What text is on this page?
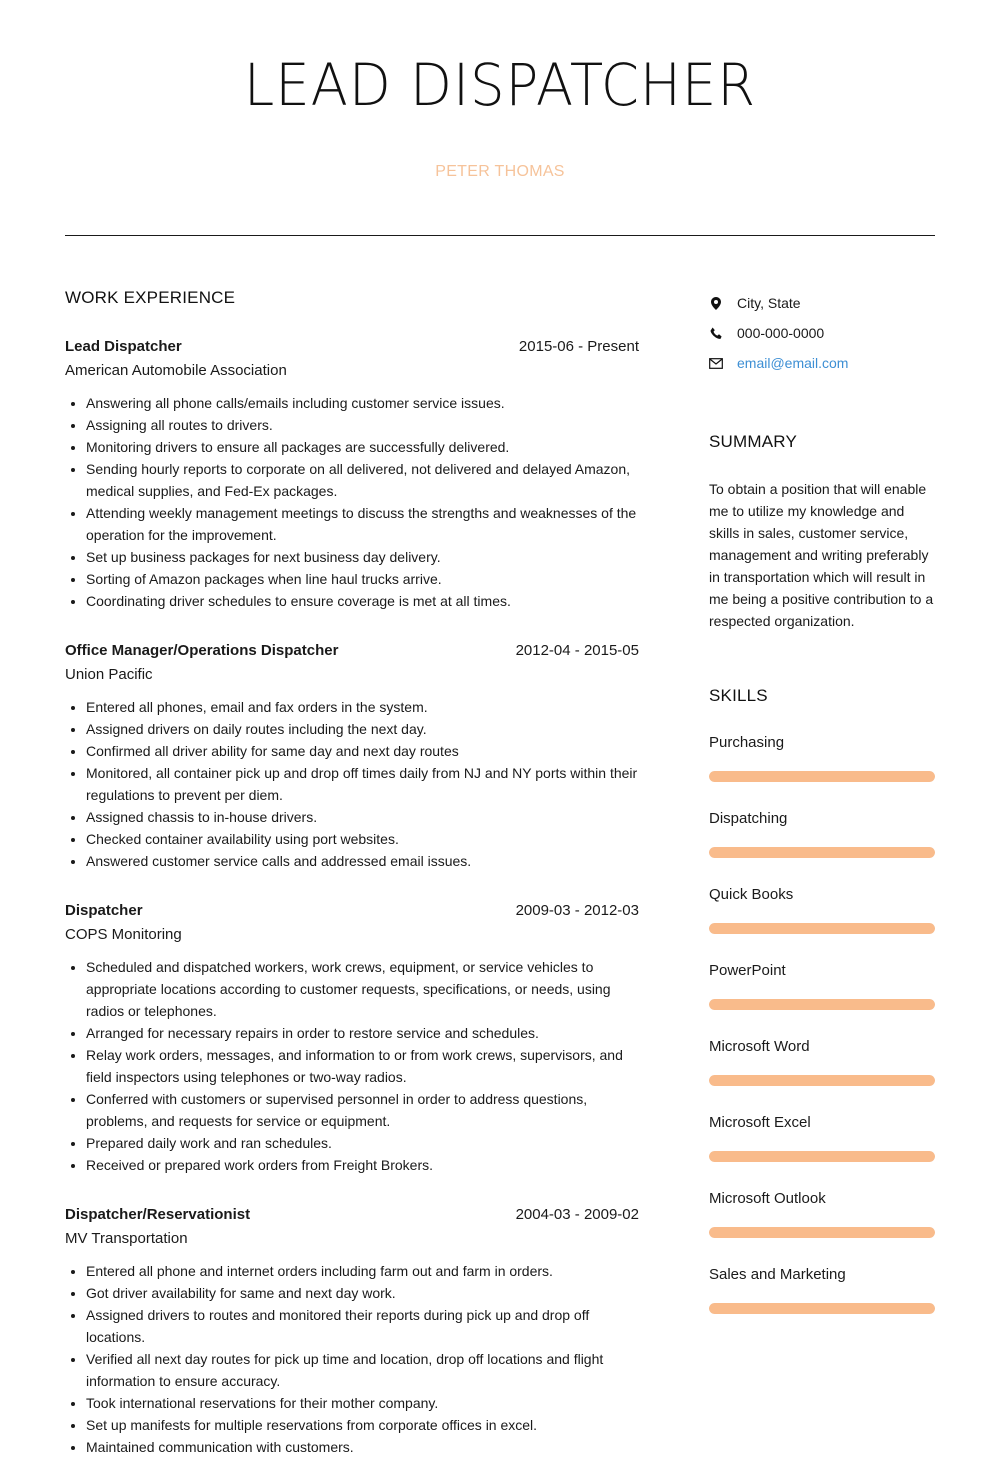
LEAD DISPATCHER
PETER THOMAS
WORK EXPERIENCE
Lead Dispatcher	2015-06 - Present
American Automobile Association
• Answering all phone calls/emails including customer service issues.
• Assigning all routes to drivers.
• Monitoring drivers to ensure all packages are successfully delivered.
• Sending hourly reports to corporate on all delivered, not delivered and delayed Amazon, medical supplies, and Fed-Ex packages.
• Attending weekly management meetings to discuss the strengths and weaknesses of the operation for the improvement.
• Set up business packages for next business day delivery.
• Sorting of Amazon packages when line haul trucks arrive.
• Coordinating driver schedules to ensure coverage is met at all times.
Office Manager/Operations Dispatcher	2012-04 - 2015-05
Union Pacific
• Entered all phones, email and fax orders in the system.
• Assigned drivers on daily routes including the next day.
• Confirmed all driver ability for same day and next day routes
• Monitored, all container pick up and drop off times daily from NJ and NY ports within their regulations to prevent per diem.
• Assigned chassis to in-house drivers.
• Checked container availability using port websites.
• Answered customer service calls and addressed email issues.
Dispatcher	2009-03 - 2012-03
COPS Monitoring
• Scheduled and dispatched workers, work crews, equipment, or service vehicles to appropriate locations according to customer requests, specifications, or needs, using radios or telephones.
• Arranged for necessary repairs in order to restore service and schedules.
• Relay work orders, messages, and information to or from work crews, supervisors, and field inspectors using telephones or two-way radios.
• Conferred with customers or supervised personnel in order to address questions, problems, and requests for service or equipment.
• Prepared daily work and ran schedules.
• Received or prepared work orders from Freight Brokers.
Dispatcher/Reservationist	2004-03 - 2009-02
MV Transportation
• Entered all phone and internet orders including farm out and farm in orders.
• Got driver availability for same and next day work.
• Assigned drivers to routes and monitored their reports during pick up and drop off locations.
• Verified all next day routes for pick up time and location, drop off locations and flight information to ensure accuracy.
• Took international reservations for their mother company.
• Set up manifests for multiple reservations from corporate offices in excel.
• Maintained communication with customers.
City, State
000-000-0000
email@email.com
SUMMARY
To obtain a position that will enable me to utilize my knowledge and skills in sales, customer service, management and writing preferably in transportation which will result in me being a positive contribution to a respected organization.
SKILLS
Purchasing
Dispatching
Quick Books
PowerPoint
Microsoft Word
Microsoft Excel
Microsoft Outlook
Sales and Marketing
